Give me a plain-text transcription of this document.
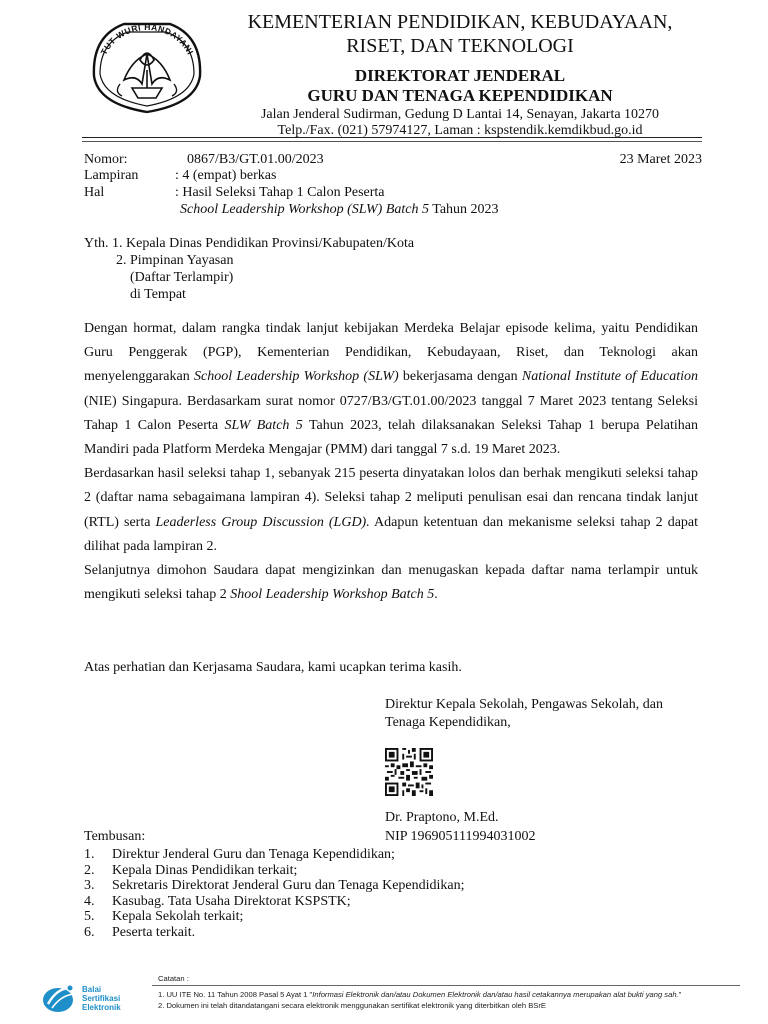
TUT WURI HANDAYANI
KEMENTERIAN PENDIDIKAN, KEBUDAYAAN,
RISET, DAN TEKNOLOGI
DIREKTORAT JENDERAL
GURU DAN TENAGA KEPENDIDIKAN
Jalan Jenderal Sudirman, Gedung D Lantai 14, Senayan, Jakarta 10270
Telp./Fax. (021) 57974127, Laman : kspstendik.kemdikbud.go.id
Nomor:	0867/B3/GT.01.00/2023	23 Maret 2023
Lampiran	: 4 (empat) berkas
Hal	: Hasil Seleksi Tahap 1 Calon Peserta
School Leadership Workshop (SLW) Batch 5 Tahun 2023
Yth. 1. Kepala Dinas Pendidikan Provinsi/Kabupaten/Kota
2. Pimpinan Yayasan
(Daftar Terlampir)
di Tempat

Dengan hormat, dalam rangka tindak lanjut kebijakan Merdeka Belajar episode kelima, yaitu Pendidikan Guru Penggerak (PGP), Kementerian Pendidikan, Kebudayaan, Riset, dan Teknologi akan menyelenggarakan School Leadership Workshop (SLW) bekerjasama dengan National Institute of Education (NIE) Singapura. Berdasarkam surat nomor 0727/B3/GT.01.00/2023 tanggal 7 Maret 2023 tentang Seleksi Tahap 1 Calon Peserta SLW Batch 5 Tahun 2023, telah dilaksanakan Seleksi Tahap 1 berupa Pelatihan Mandiri pada Platform Merdeka Mengajar (PMM) dari tanggal 7 s.d. 19 Maret 2023.

Berdasarkan hasil seleksi tahap 1, sebanyak 215 peserta dinyatakan lolos dan berhak mengikuti seleksi tahap 2 (daftar nama sebagaimana lampiran 4). Seleksi tahap 2 meliputi penulisan esai dan rencana tindak lanjut (RTL) serta Leaderless Group Discussion (LGD). Adapun ketentuan dan mekanisme seleksi tahap 2 dapat dilihat pada lampiran 2.

Selanjutnya dimohon Saudara dapat mengizinkan dan menugaskan kepada daftar nama terlampir untuk mengikuti seleksi tahap 2 Shool Leadership Workshop Batch 5.

Atas perhatian dan Kerjasama Saudara, kami ucapkan terima kasih.
Direktur Kepala Sekolah, Pengawas Sekolah, dan
Tenaga Kependidikan,
Dr. Praptono, M.Ed.
NIP 196905111994031002
Tembusan:
1. Direktur Jenderal Guru dan Tenaga Kependidikan;
2. Kepala Dinas Pendidikan terkait;
3. Sekretaris Direktorat Jenderal Guru dan Tenaga Kependidikan;
4. Kasubag. Tata Usaha Direktorat KSPSTK;
5. Kepala Sekolah terkait;
6. Peserta terkait.
Balai
Sertifikasi
Elektronik
Catatan :
1. UU ITE No. 11 Tahun 2008 Pasal 5 Ayat 1 "Informasi Elektronik dan/atau Dokumen Elektronik dan/atau hasil cetakannya merupakan alat bukti yang sah."
2. Dokumen ini telah ditandatangani secara elektronik menggunakan sertifikat elektronik yang diterbitkan oleh BSrE
